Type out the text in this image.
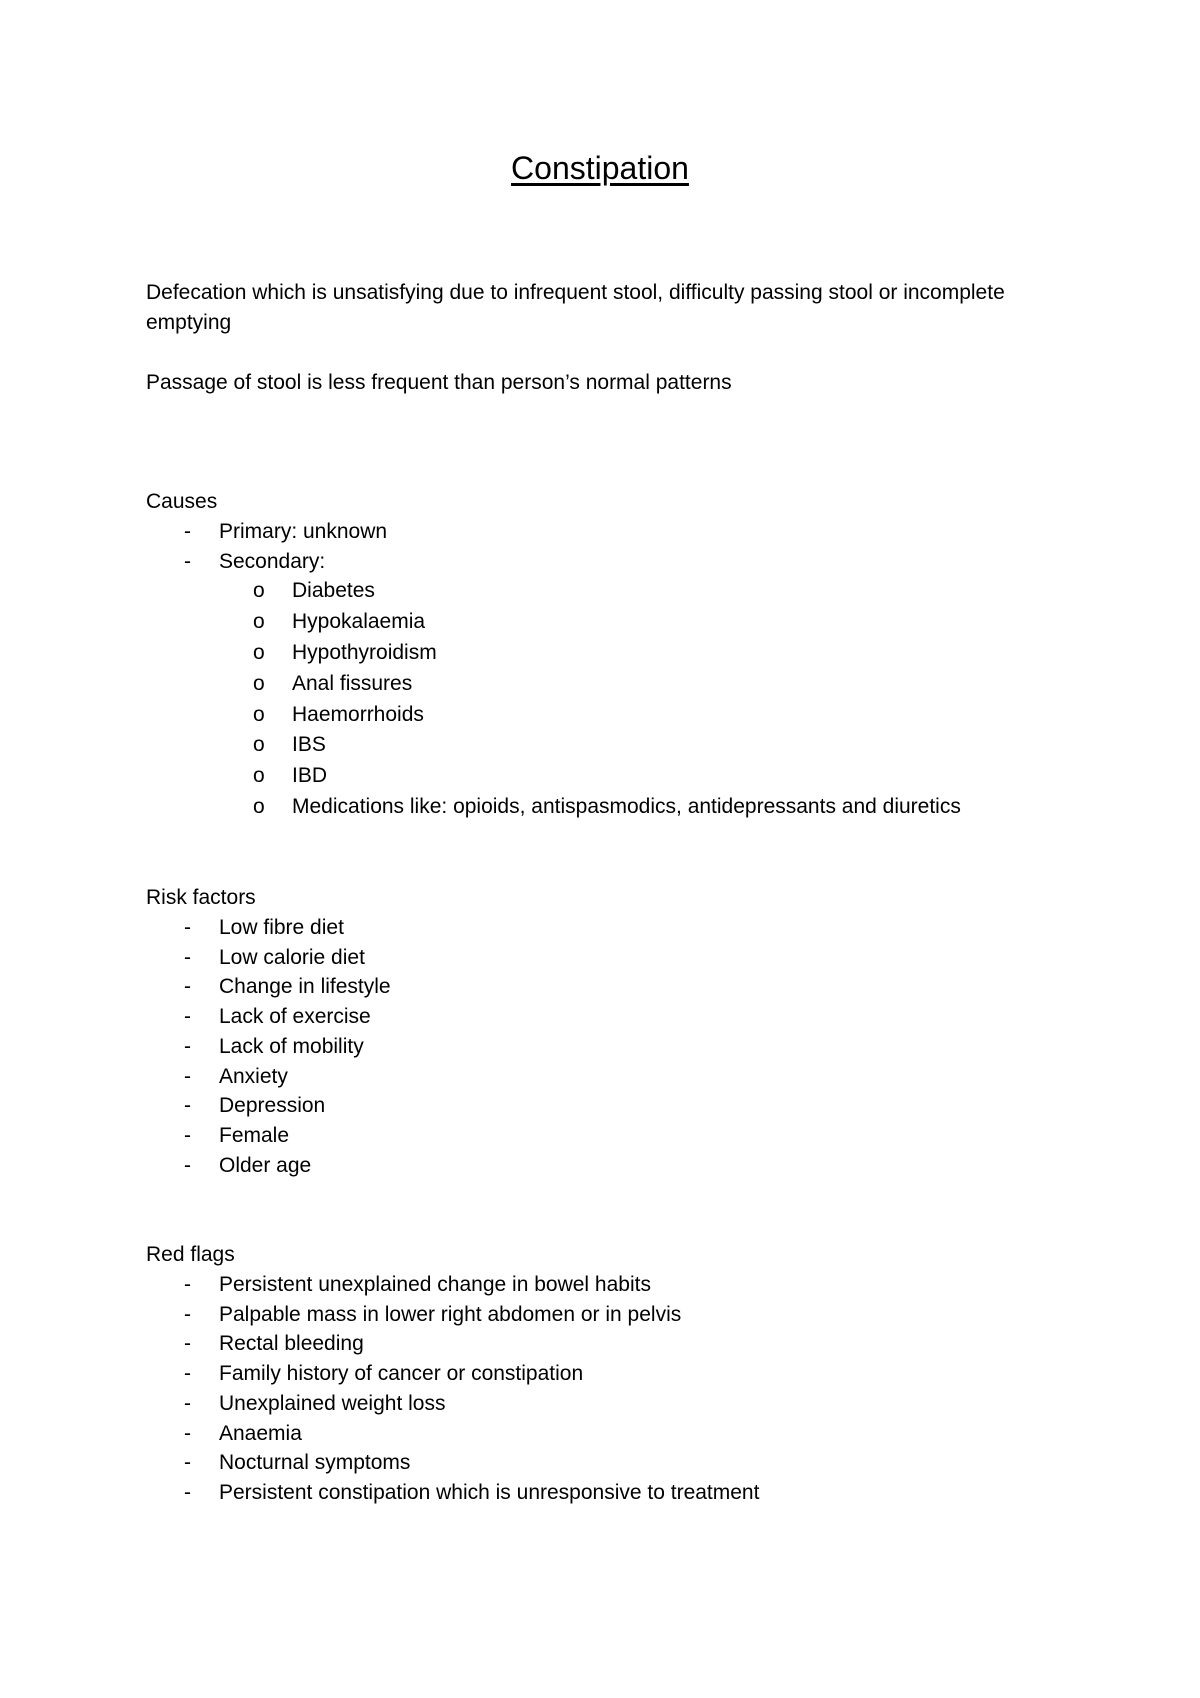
Constipation

Defecation which is unsatisfying due to infrequent stool, difficulty passing stool or incomplete emptying

Passage of stool is less frequent than person’s normal patterns

Causes

- Primary: unknown
- Secondary:
o Diabetes
o Hypokalaemia
o Hypothyroidism
o Anal fissures
o Haemorrhoids
o IBS
o IBD
o Medications like: opioids, antispasmodics, antidepressants and diuretics

Risk factors

- Low fibre diet
- Low calorie diet
- Change in lifestyle
- Lack of exercise
- Lack of mobility
- Anxiety
- Depression
- Female
- Older age

Red flags

- Persistent unexplained change in bowel habits
- Palpable mass in lower right abdomen or in pelvis
- Rectal bleeding
- Family history of cancer or constipation
- Unexplained weight loss
- Anaemia
- Nocturnal symptoms
- Persistent constipation which is unresponsive to treatment
